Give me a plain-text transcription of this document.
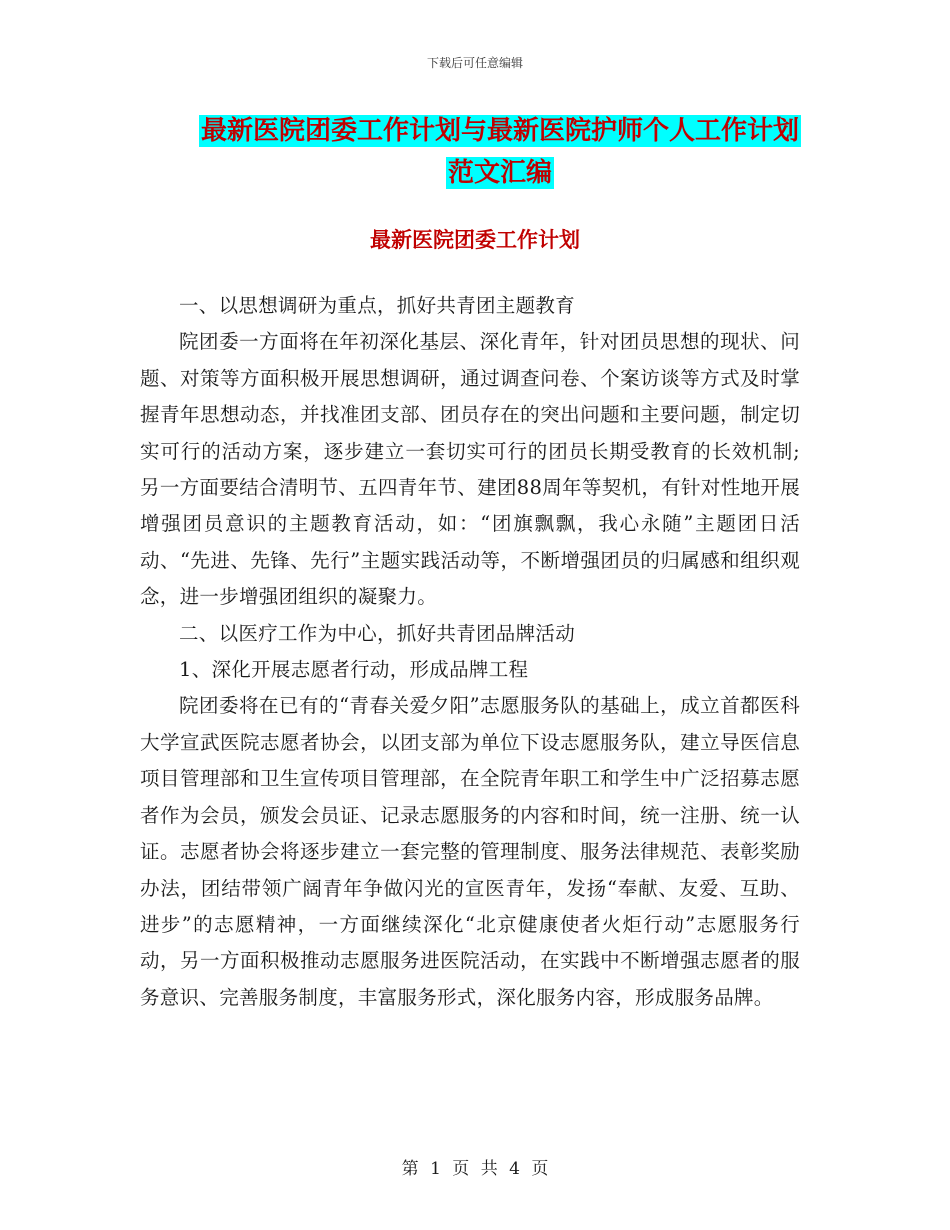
下载后可任意编辑
最新医院团委工作计划与最新医院护师个人工作计划
范文汇编
最新医院团委工作计划

一、以思想调研为重点，抓好共青团主题教育

院团委一方面将在年初深化基层、深化青年，针对团员思想的现状、问题、对策等方面积极开展思想调研，通过调查问卷、个案访谈等方式及时掌握青年思想动态，并找准团支部、团员存在的突出问题和主要问题，制定切实可行的活动方案，逐步建立一套切实可行的团员长期受教育的长效机制;另一方面要结合清明节、五四青年节、建团88周年等契机，有针对性地开展增强团员意识的主题教育活动，如：“团旗飘飘，我心永随”主题团日活动、“先进、先锋、先行”主题实践活动等，不断增强团员的归属感和组织观念，进一步增强团组织的凝聚力。

二、以医疗工作为中心，抓好共青团品牌活动

1、深化开展志愿者行动，形成品牌工程

院团委将在已有的“青春关爱夕阳”志愿服务队的基础上，成立首都医科大学宣武医院志愿者协会，以团支部为单位下设志愿服务队，建立导医信息项目管理部和卫生宣传项目管理部，在全院青年职工和学生中广泛招募志愿者作为会员，颁发会员证、记录志愿服务的内容和时间，统一注册、统一认证。志愿者协会将逐步建立一套完整的管理制度、服务法律规范、表彰奖励办法，团结带领广阔青年争做闪光的宣医青年，发扬“奉献、友爱、互助、进步”的志愿精神，一方面继续深化“北京健康使者火炬行动”志愿服务行动，另一方面积极推动志愿服务进医院活动，在实践中不断增强志愿者的服务意识、完善服务制度，丰富服务形式，深化服务内容，形成服务品牌。

第 1 页 共 4 页
